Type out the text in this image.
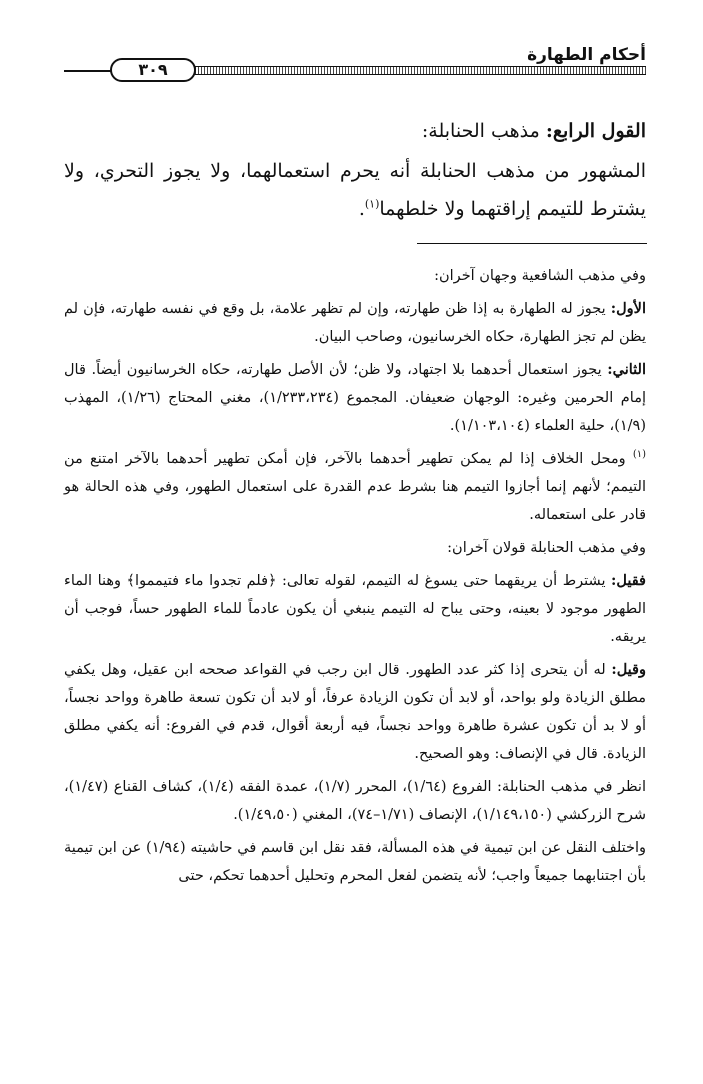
أحكام الطهارة
٣٠٩
القول الرابع: مذهب الحنابلة:

المشهور من مذهب الحنابلة أنه يحرم استعمالهما، ولا يجوز التحري، ولا يشترط للتيمم إراقتهما ولا خلطهما$^{(١)}$.

وفي مذهب الشافعية وجهان آخران:

الأول: يجوز له الطهارة به إذا ظن طهارته، وإن لم تظهر علامة، بل وقع في نفسه طهارته، فإن لم يظن لم تجز الطهارة، حكاه الخرسانيون، وصاحب البيان.

الثاني: يجوز استعمال أحدهما بلا اجتهاد، ولا ظن؛ لأن الأصل طهارته، حكاه الخرسانيون أيضاً. قال إمام الحرمين وغيره: الوجهان ضعيفان. المجموع (١/٢٣٣،٢٣٤)، مغني المحتاج (١/٢٦)، المهذب (١/٩)، حلية العلماء (١/١٠٣،١٠٤).

$^{(١)}$ ومحل الخلاف إذا لم يمكن تطهير أحدهما بالآخر، فإن أمكن تطهير أحدهما بالآخر امتنع من التيمم؛ لأنهم إنما أجازوا التيمم هنا بشرط عدم القدرة على استعمال الطهور، وفي هذه الحالة هو قادر على استعماله.

وفي مذهب الحنابلة قولان آخران:

فقيل: يشترط أن يريقهما حتى يسوغ له التيمم، لقوله تعالى: ﴿فلم تجدوا ماء فتيمموا﴾ وهنا الماء الطهور موجود لا بعينه، وحتى يباح له التيمم ينبغي أن يكون عادماً للماء الطهور حساً، فوجب أن يريقه.

وقيل: له أن يتحرى إذا كثر عدد الطهور. قال ابن رجب في القواعد صححه ابن عقيل، وهل يكفي مطلق الزيادة ولو بواحد، أو لابد أن تكون الزيادة عرفاً، أو لابد أن تكون تسعة طاهرة وواحد نجساً، أو لا بد أن تكون عشرة طاهرة وواحد نجساً، فيه أربعة أقوال، قدم في الفروع: أنه يكفي مطلق الزيادة. قال في الإنصاف: وهو الصحيح.

انظر في مذهب الحنابلة: الفروع (١/٦٤)، المحرر (١/٧)، عمدة الفقه (١/٤)، كشاف القناع (١/٤٧)، شرح الزركشي (١/١٤٩،١٥٠)، الإنصاف (١/٧١–٧٤)، المغني (١/٤٩،٥٠).

واختلف النقل عن ابن تيمية في هذه المسألة، فقد نقل ابن قاسم في حاشيته (١/٩٤) عن ابن تيمية بأن اجتنابهما جميعاً واجب؛ لأنه يتضمن لفعل المحرم وتحليل أحدهما تحكم، حتى
